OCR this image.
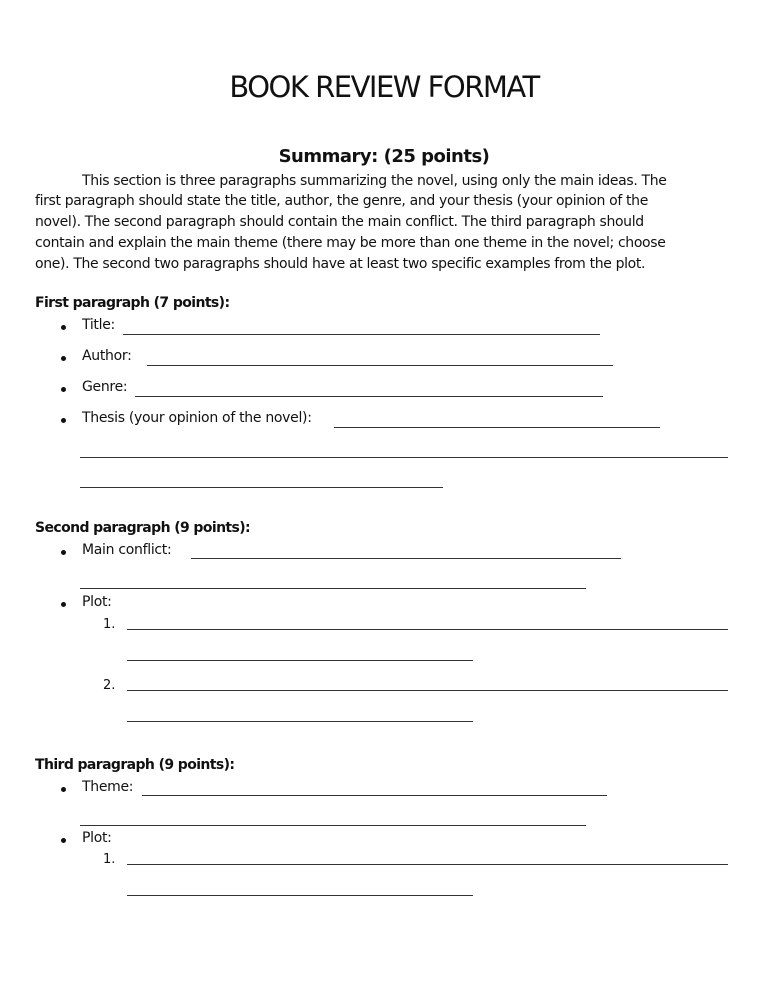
BOOK REVIEW FORMAT
Summary: (25 points)
This section is three paragraphs summarizing the novel, using only the main ideas. The
first paragraph should state the title, author, the genre, and your thesis (your opinion of the
novel). The second paragraph should contain the main conflict. The third paragraph should
contain and explain the main theme (there may be more than one theme in the novel; choose
one). The second two paragraphs should have at least two specific examples from the plot.
First paragraph (7 points):
Title:
Author:
Genre:
Thesis (your opinion of the novel):
Second paragraph (9 points):
Main conflict:
Plot:
1.
2.
Third paragraph (9 points):
Theme:
Plot:
1.
